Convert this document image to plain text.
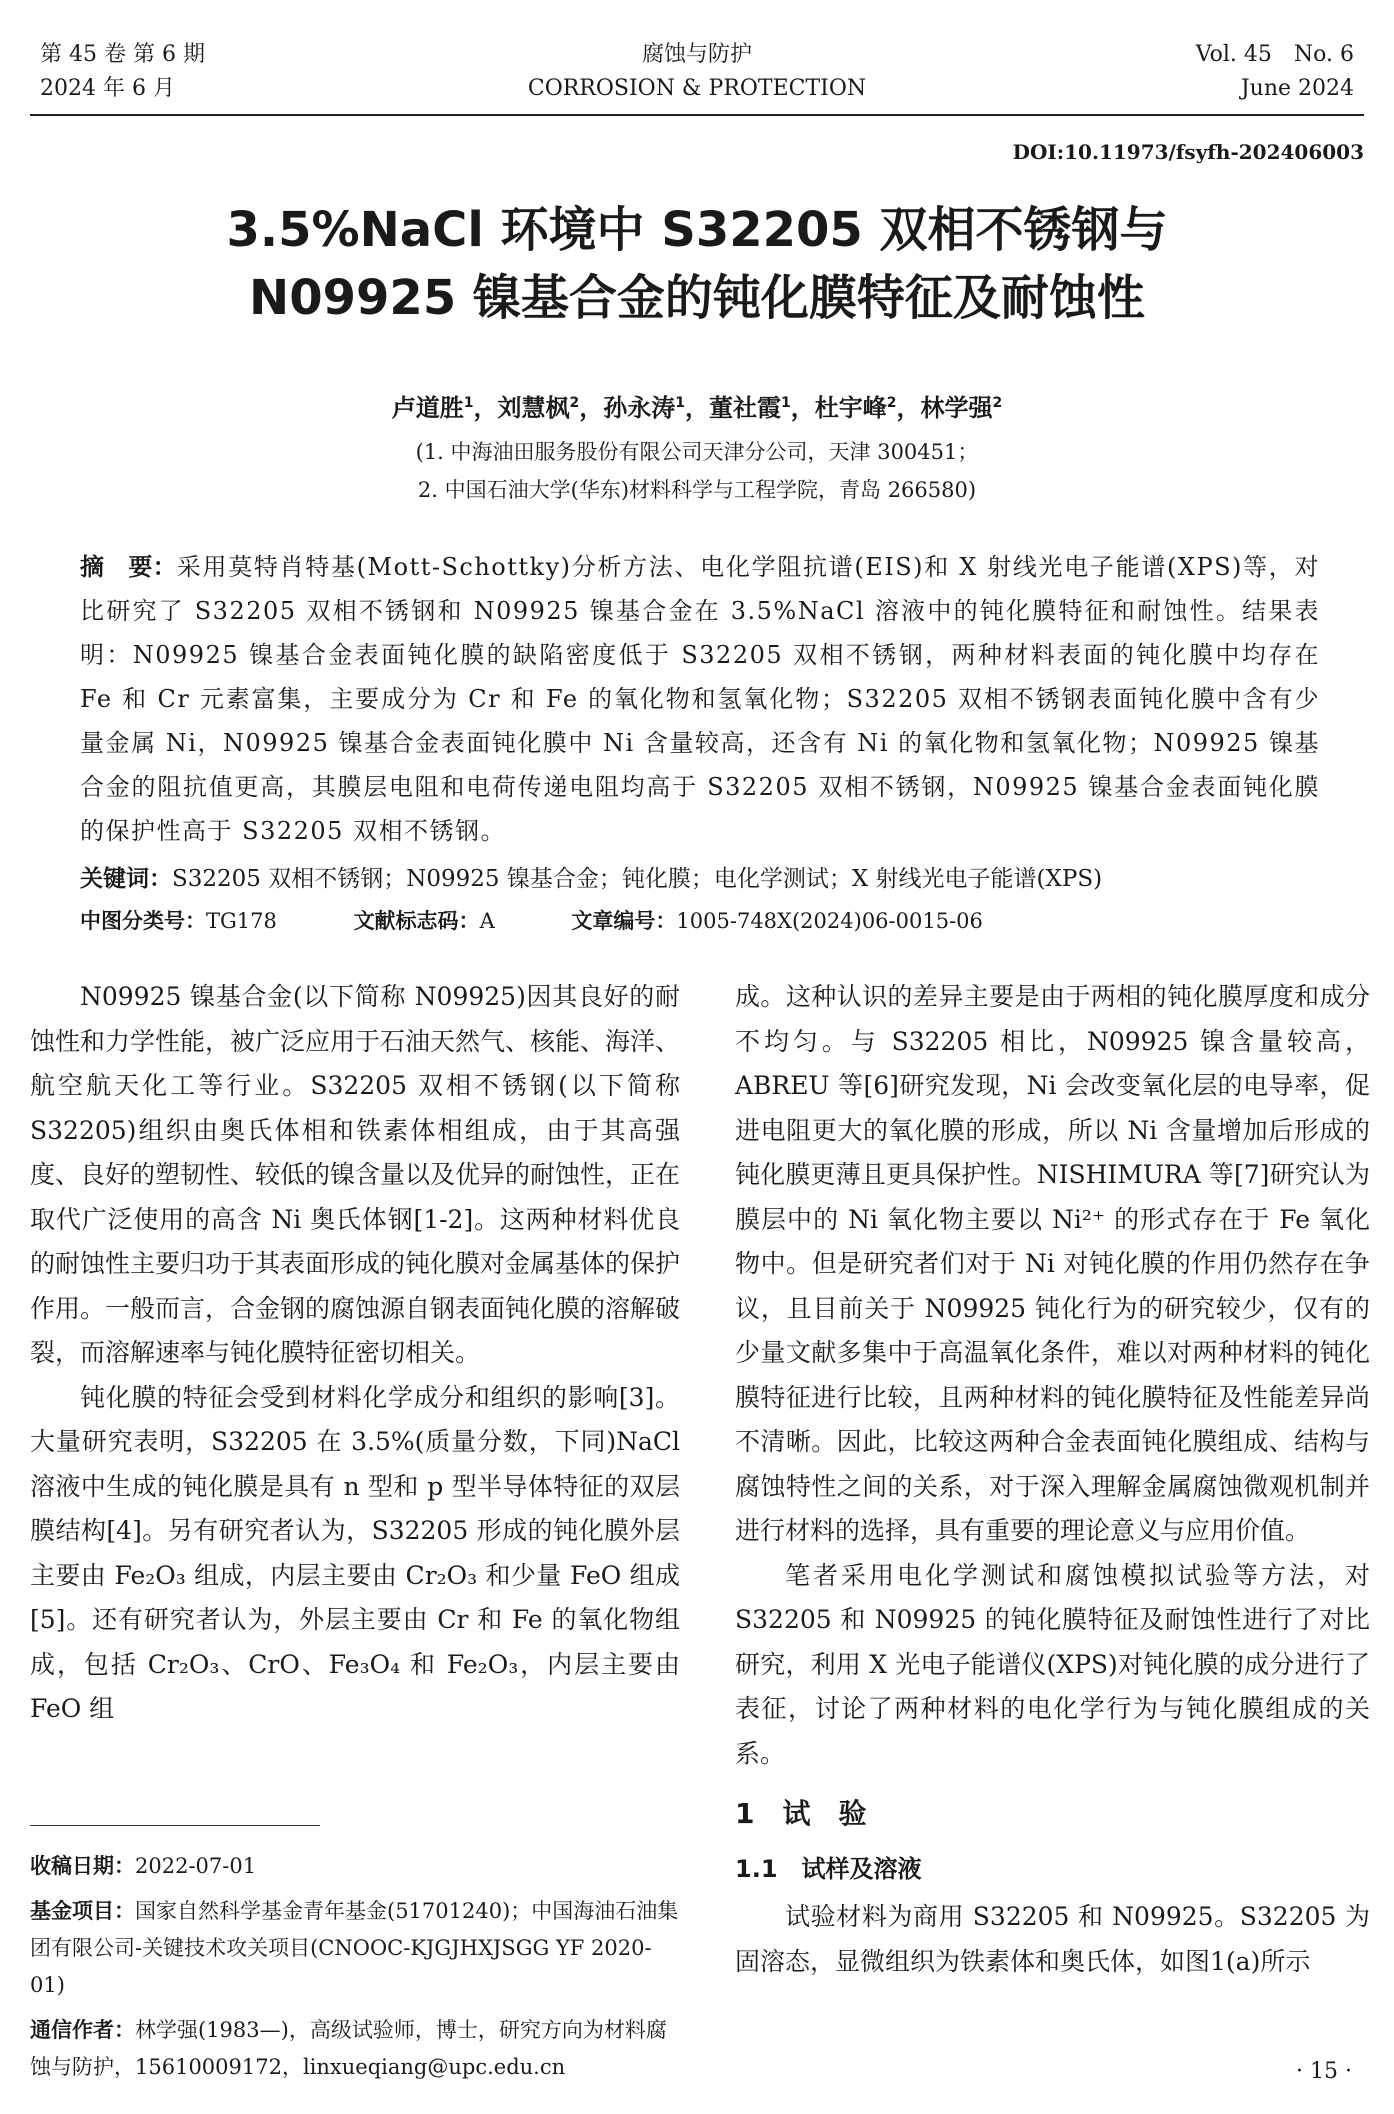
第 45 卷 第 6 期
2024 年 6 月
腐蚀与防护
CORROSION & PROTECTION
Vol. 45　No. 6
June 2024
DOI:10.11973/fsyfh-202406003
3.5%NaCl 环境中 S32205 双相不锈钢与
N09925 镍基合金的钝化膜特征及耐蚀性
卢道胜$^1$，刘慧枫$^2$，孙永涛$^1$，董社霞$^1$，杜宇峰$^2$，林学强$^2$
(1. 中海油田服务股份有限公司天津分公司，天津 300451；
2. 中国石油大学(华东)材料科学与工程学院，青岛 266580)
摘　要：采用莫特肖特基(Mott-Schottky)分析方法、电化学阻抗谱(EIS)和 X 射线光电子能谱(XPS)等，对比研究了 S32205 双相不锈钢和 N09925 镍基合金在 3.5%NaCl 溶液中的钝化膜特征和耐蚀性。结果表明：N09925 镍基合金表面钝化膜的缺陷密度低于 S32205 双相不锈钢，两种材料表面的钝化膜中均存在 Fe 和 Cr 元素富集，主要成分为 Cr 和 Fe 的氧化物和氢氧化物；S32205 双相不锈钢表面钝化膜中含有少量金属 Ni，N09925 镍基合金表面钝化膜中 Ni 含量较高，还含有 Ni 的氧化物和氢氧化物；N09925 镍基合金的阻抗值更高，其膜层电阻和电荷传递电阻均高于 S32205 双相不锈钢，N09925 镍基合金表面钝化膜的保护性高于 S32205 双相不锈钢。
关键词：S32205 双相不锈钢；N09925 镍基合金；钝化膜；电化学测试；X 射线光电子能谱(XPS)
中图分类号：TG178	文献标志码：A	文章编号：1005-748X(2024)06-0015-06

N09925 镍基合金(以下简称 N09925)因其良好的耐蚀性和力学性能，被广泛应用于石油天然气、核能、海洋、航空航天化工等行业。S32205 双相不锈钢(以下简称 S32205)组织由奥氏体相和铁素体相组成，由于其高强度、良好的塑韧性、较低的镍含量以及优异的耐蚀性，正在取代广泛使用的高含 Ni 奥氏体钢[1-2]。这两种材料优良的耐蚀性主要归功于其表面形成的钝化膜对金属基体的保护作用。一般而言，合金钢的腐蚀源自钢表面钝化膜的溶解破裂，而溶解速率与钝化膜特征密切相关。

钝化膜的特征会受到材料化学成分和组织的影响[3]。大量研究表明，S32205 在 3.5%(质量分数，下同)NaCl 溶液中生成的钝化膜是具有 n 型和 p 型半导体特征的双层膜结构[4]。另有研究者认为，S32205 形成的钝化膜外层主要由 Fe₂O₃ 组成，内层主要由 Cr₂O₃ 和少量 FeO 组成[5]。还有研究者认为，外层主要由 Cr 和 Fe 的氧化物组成，包括 Cr₂O₃、CrO、Fe₃O₄ 和 Fe₂O₃，内层主要由 FeO 组

收稿日期：2022-07-01

基金项目：国家自然科学基金青年基金(51701240)；中国海油石油集团有限公司-关键技术攻关项目(CNOOC-KJGJHXJSGG YF 2020-01)

通信作者：林学强(1983—)，高级试验师，博士，研究方向为材料腐蚀与防护，15610009172，linxueqiang@upc.edu.cn

成。这种认识的差异主要是由于两相的钝化膜厚度和成分不均匀。与 S32205 相比，N09925 镍含量较高，ABREU 等[6]研究发现，Ni 会改变氧化层的电导率，促进电阻更大的氧化膜的形成，所以 Ni 含量增加后形成的钝化膜更薄且更具保护性。NISHIMURA 等[7]研究认为膜层中的 Ni 氧化物主要以 Ni²⁺ 的形式存在于 Fe 氧化物中。但是研究者们对于 Ni 对钝化膜的作用仍然存在争议，且目前关于 N09925 钝化行为的研究较少，仅有的少量文献多集中于高温氧化条件，难以对两种材料的钝化膜特征进行比较，且两种材料的钝化膜特征及性能差异尚不清晰。因此，比较这两种合金表面钝化膜组成、结构与腐蚀特性之间的关系，对于深入理解金属腐蚀微观机制并进行材料的选择，具有重要的理论意义与应用价值。

笔者采用电化学测试和腐蚀模拟试验等方法，对 S32205 和 N09925 的钝化膜特征及耐蚀性进行了对比研究，利用 X 光电子能谱仪(XPS)对钝化膜的成分进行了表征，讨论了两种材料的电化学行为与钝化膜组成的关系。

1　试　验
1.1　试样及溶液

试验材料为商用 S32205 和 N09925。S32205 为固溶态，显微组织为铁素体和奥氏体，如图1(a)所示

· 15 ·
